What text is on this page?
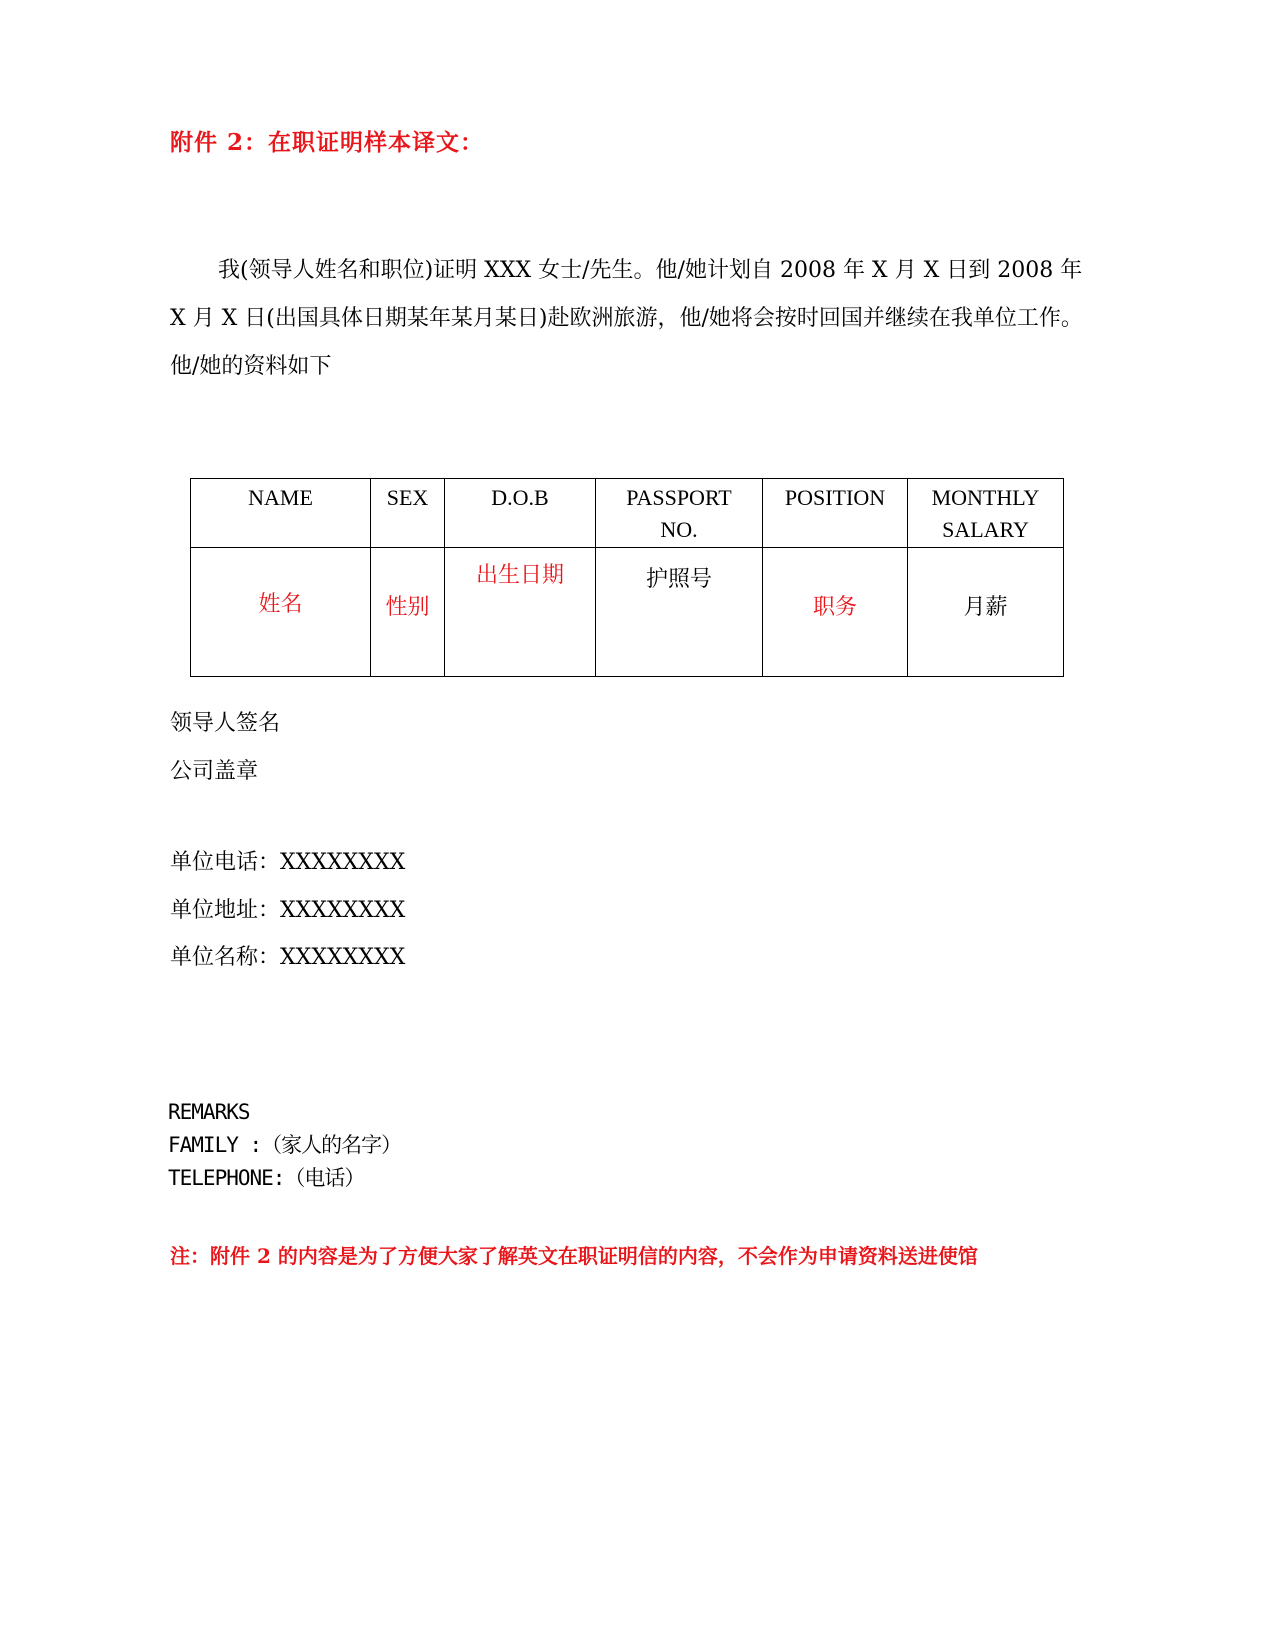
附件 2：在职证明样本译文：
我(领导人姓名和职位)证明 XXX 女士/先生。他/她计划自 2008 年 X 月 X 日到 2008 年 X 月 X 日(出国具体日期某年某月某日)赴欧洲旅游，他/她将会按时回国并继续在我单位工作。他/她的资料如下
NAME	SEX	D.O.B	PASSPORT NO.	POSITION	MONTHLY SALARY
姓名	性别	出生日期	护照号	职务	月薪
领导人签名
公司盖章
单位电话：XXXXXXXX
单位地址：XXXXXXXX
单位名称：XXXXXXXX
REMARKS
FAMILY :（家人的名字）
TELEPHONE:（电话）
注：附件 2 的内容是为了方便大家了解英文在职证明信的内容，不会作为申请资料送进使馆
